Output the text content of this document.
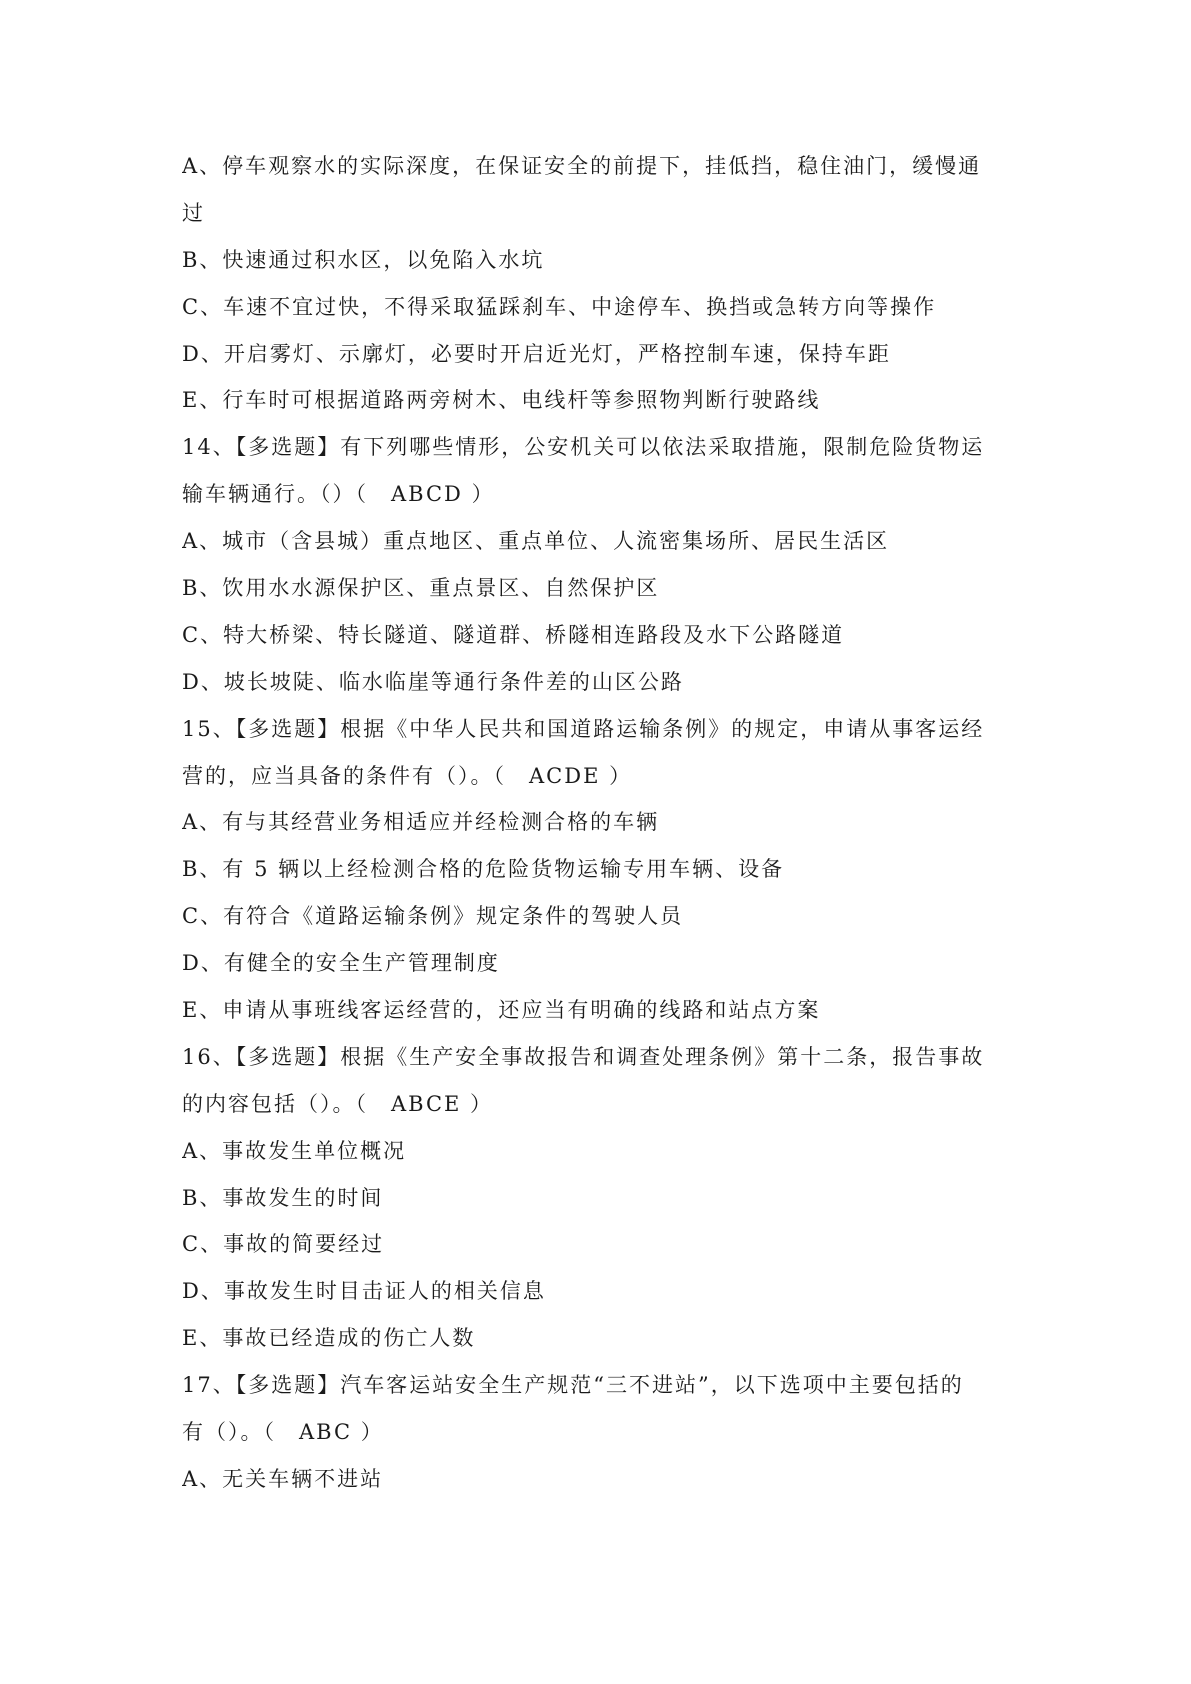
A、停车观察水的实际深度，在保证安全的前提下，挂低挡，稳住油门，缓慢通
过
B、快速通过积水区，以免陷入水坑
C、车速不宜过快，不得采取猛踩刹车、中途停车、换挡或急转方向等操作
D、开启雾灯、示廓灯，必要时开启近光灯，严格控制车速，保持车距
E、行车时可根据道路两旁树木、电线杆等参照物判断行驶路线
14、【多选题】有下列哪些情形，公安机关可以依法采取措施，限制危险货物运
输车辆通行。（）（　ABCD ）
A、城市（含县城）重点地区、重点单位、人流密集场所、居民生活区
B、饮用水水源保护区、重点景区、自然保护区
C、特大桥梁、特长隧道、隧道群、桥隧相连路段及水下公路隧道
D、坡长坡陡、临水临崖等通行条件差的山区公路
15、【多选题】根据《中华人民共和国道路运输条例》的规定，申请从事客运经
营的，应当具备的条件有（）。（　ACDE ）
A、有与其经营业务相适应并经检测合格的车辆
B、有 5 辆以上经检测合格的危险货物运输专用车辆、设备
C、有符合《道路运输条例》规定条件的驾驶人员
D、有健全的安全生产管理制度
E、申请从事班线客运经营的，还应当有明确的线路和站点方案
16、【多选题】根据《生产安全事故报告和调查处理条例》第十二条，报告事故
的内容包括（）。（　ABCE ）
A、事故发生单位概况
B、事故发生的时间
C、事故的简要经过
D、事故发生时目击证人的相关信息
E、事故已经造成的伤亡人数
17、【多选题】汽车客运站安全生产规范“三不进站”，以下选项中主要包括的
有（）。（　ABC ）
A、无关车辆不进站
